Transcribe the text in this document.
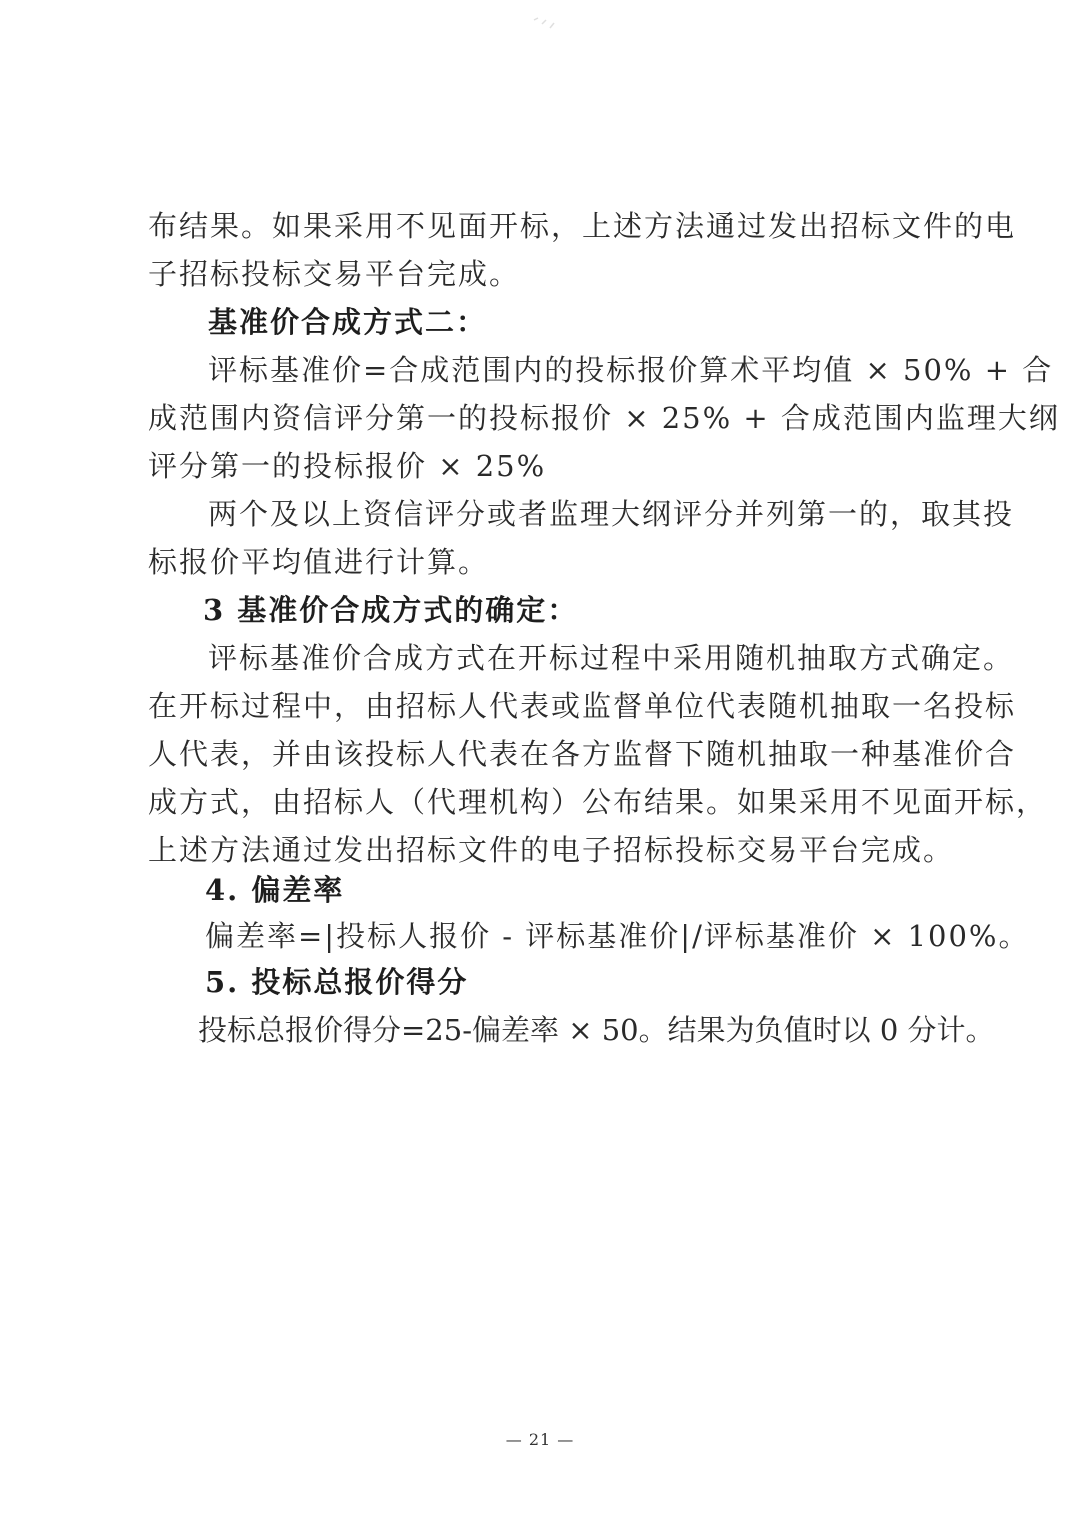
布结果。如果采用不见面开标，上述方法通过发出招标文件的电
子招标投标交易平台完成。
基准价合成方式二：
评标基准价=合成范围内的投标报价算术平均值 × 50% + 合
成范围内资信评分第一的投标报价 × 25% + 合成范围内监理大纲
评分第一的投标报价 × 25%
两个及以上资信评分或者监理大纲评分并列第一的，取其投
标报价平均值进行计算。
3 基准价合成方式的确定：
评标基准价合成方式在开标过程中采用随机抽取方式确定。
在开标过程中，由招标人代表或监督单位代表随机抽取一名投标
人代表，并由该投标人代表在各方监督下随机抽取一种基准价合
成方式，由招标人（代理机构）公布结果。如果采用不见面开标，
上述方法通过发出招标文件的电子招标投标交易平台完成。
4. 偏差率
偏差率=|投标人报价 - 评标基准价|/评标基准价 × 100%。
5. 投标总报价得分
投标总报价得分=25-偏差率 × 50。结果为负值时以 0 分计。
— 21 —
